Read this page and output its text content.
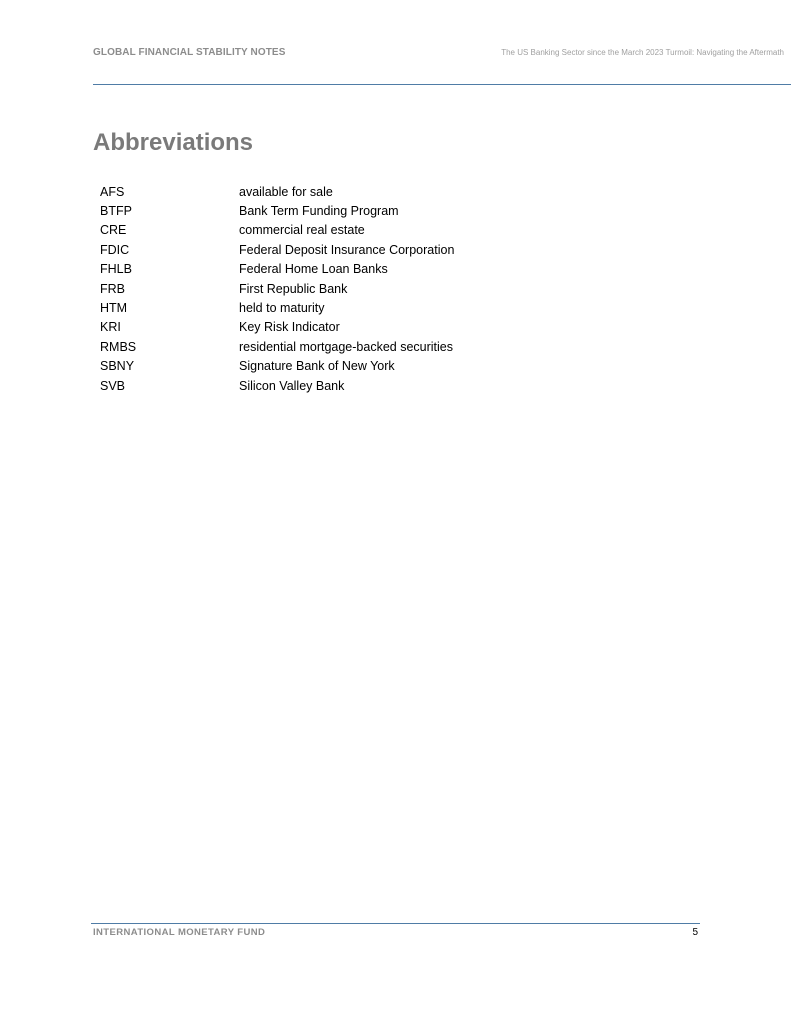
GLOBAL FINANCIAL STABILITY NOTES	The US Banking Sector since the March 2023 Turmoil: Navigating the Aftermath
Abbreviations
AFS	available for sale
BTFP	Bank Term Funding Program
CRE	commercial real estate
FDIC	Federal Deposit Insurance Corporation
FHLB	Federal Home Loan Banks
FRB	First Republic Bank
HTM	held to maturity
KRI	Key Risk Indicator
RMBS	residential mortgage-backed securities
SBNY	Signature Bank of New York
SVB	Silicon Valley Bank
INTERNATIONAL MONETARY FUND	5
